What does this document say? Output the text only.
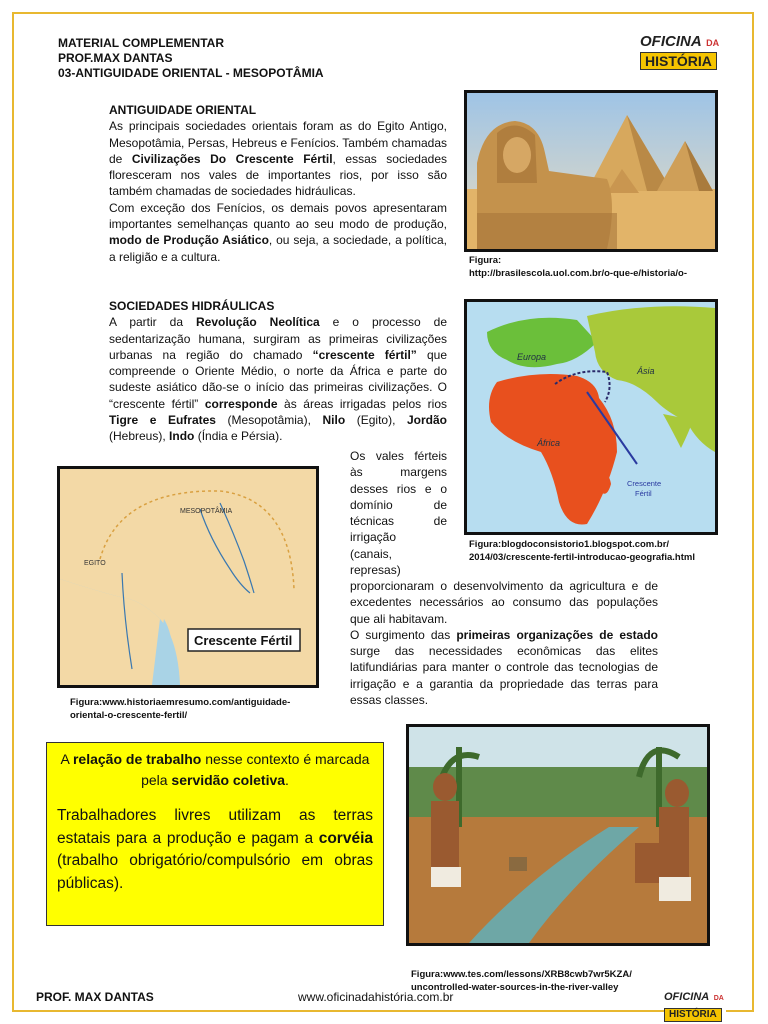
MATERIAL COMPLEMENTAR
PROF.MAX DANTAS
03-ANTIGUIDADE ORIENTAL - MESOPOTÂMIA
OFICINA DA
HISTÓRIA

ANTIGUIDADE ORIENTAL

As principais sociedades orientais foram as do Egito Antigo, Mesopotâmia, Persas, Hebreus e Fenícios. Também chamadas de Civilizações Do Crescente Fértil, essas sociedades floresceram nos vales de importantes rios, por isso são também chamadas de sociedades hidráulicas.

Com exceção dos Fenícios, os demais povos apresentaram importantes semelhanças quanto ao seu modo de produção, modo de Produção Asiático, ou seja, a sociedade, a política, a religião e a cultura.	Figura:
http://brasilescola.uol.com.br/o-que-e/historia/o-

SOCIEDADES HIDRÁULICAS

A partir da Revolução Neolítica e o processo de sedentarização humana, surgiram as primeiras civilizações urbanas na região do chamado “crescente fértil” que compreende o Oriente Médio, o norte da África e parte do sudeste asiático dão-se o início das primeiras civilizações. O “crescente fértil” corresponde às áreas irrigadas pelos rios Tigre e Eufrates (Mesopotâmia), Nilo (Egito), Jordão (Hebreus), Indo (Índia e Pérsia).

Os vales férteis
às margens
desses rios e o
domínio de
técnicas de
irrigação
(canais,
represas)

proporcionaram o desenvolvimento da agricultura e de excedentes necessários ao consumo das populações que ali habitavam.

O surgimento das primeiras organizações de estado surge das necessidades econômicas das elites latifundiárias para manter o controle das tecnologias de irrigação e a garantia da propriedade das terras para essas classes.

Europa
Ásia
África
Crescente
Fértil
Figura:blogdoconsistorio1.blogspot.com.br/
2014/03/crescente-fertil-introducao-geografia.html
EGITO
MESOPOTÂMIA
Crescente Fértil
Figura:www.historiaemresumo.com/antiguidade-
oriental-o-crescente-fertil/
A relação de trabalho nesse contexto é marcada pela servidão coletiva.
Trabalhadores livres utilizam as terras estatais para a produção e pagam a corvéia (trabalho obrigatório/compulsório em obras públicas).
Figura:www.tes.com/lessons/XRB8cwb7wr5KZA/
uncontrolled-water-sources-in-the-river-valley
PROF. MAX DANTAS	www.oficinadahistória.com.br	OFICINA DA
HISTÓRIA
